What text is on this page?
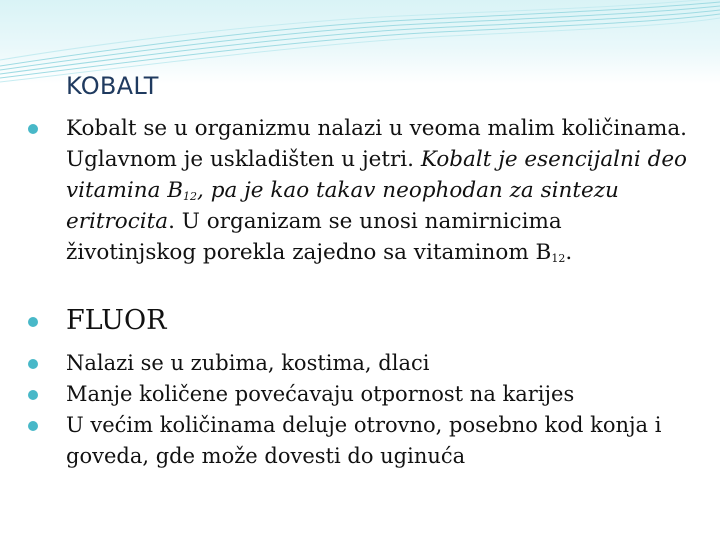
KOBALT
Kobalt se u organizmu nalazi u veoma malim količinama. Uglavnom je uskladišten u jetri. Kobalt je esencijalni deo vitamina $B_{12}$, pa je kao takav neophodan za sintezu eritrocita. U organizam se unosi namirnicima životinjskog porekla zajedno sa vitaminom $B_{12}$.
FLUOR
Nalazi se u zubima, kostima, dlaci
Manje količene povećavaju otpornost na karijes
U većim količinama deluje otrovno, posebno kod konja i goveda, gde može dovesti do uginuća
